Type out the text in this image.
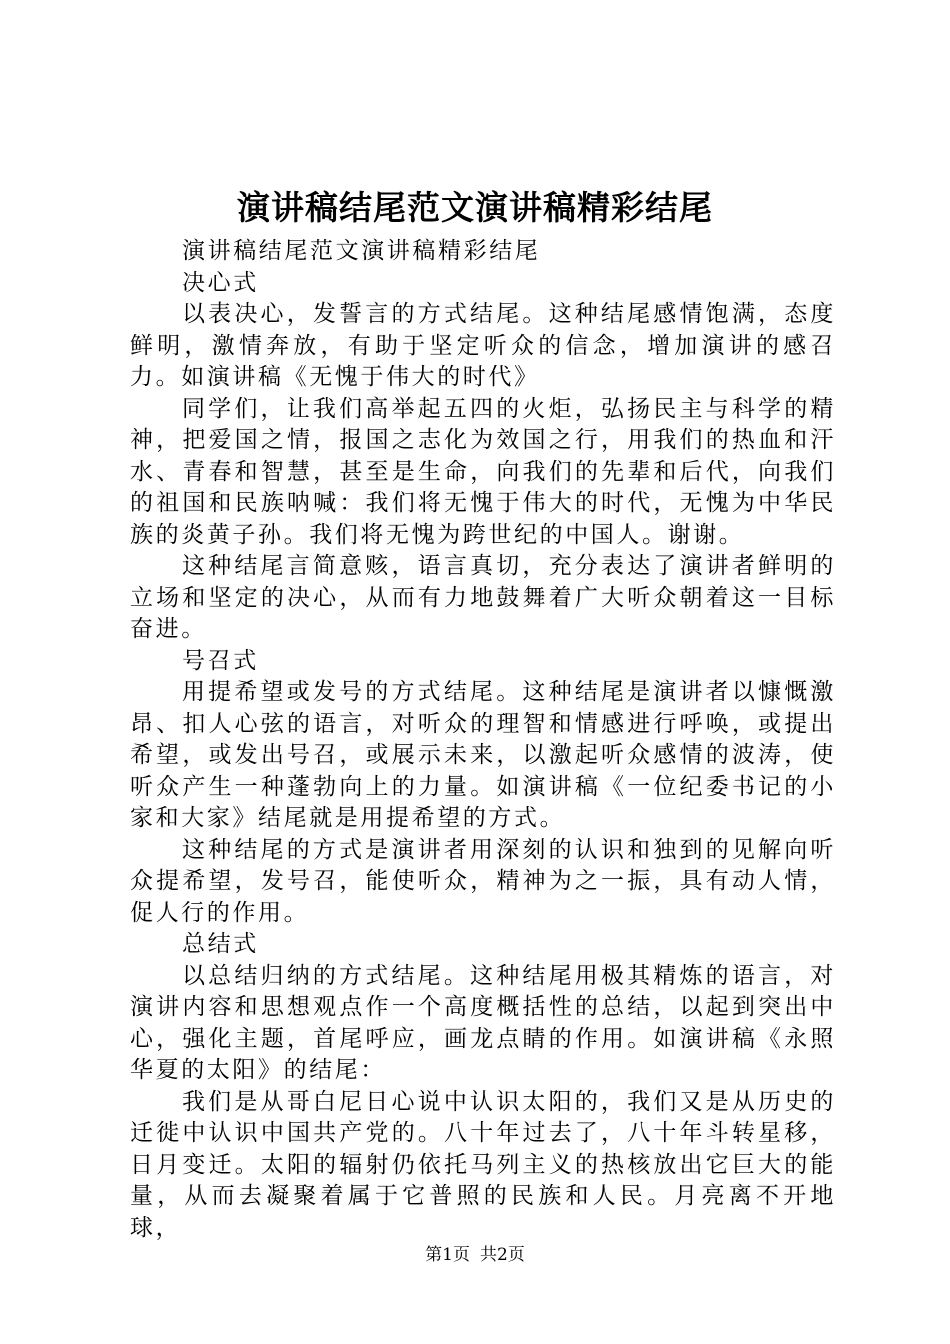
演讲稿结尾范文演讲稿精彩结尾

演讲稿结尾范文演讲稿精彩结尾

决心式

以表决心，发誓言的方式结尾。这种结尾感情饱满，态度鲜明，激情奔放，有助于坚定听众的信念，增加演讲的感召力。如演讲稿《无愧于伟大的时代》

同学们，让我们高举起五四的火炬，弘扬民主与科学的精神，把爱国之情，报国之志化为效国之行，用我们的热血和汗水、青春和智慧，甚至是生命，向我们的先辈和后代，向我们的祖国和民族呐喊：我们将无愧于伟大的时代，无愧为中华民族的炎黄子孙。我们将无愧为跨世纪的中国人。谢谢。

这种结尾言简意赅，语言真切，充分表达了演讲者鲜明的立场和坚定的决心，从而有力地鼓舞着广大听众朝着这一目标奋进。

号召式

用提希望或发号的方式结尾。这种结尾是演讲者以慷慨激昂、扣人心弦的语言，对听众的理智和情感进行呼唤，或提出希望，或发出号召，或展示未来，以激起听众感情的波涛，使听众产生一种蓬勃向上的力量。如演讲稿《一位纪委书记的小家和大家》结尾就是用提希望的方式。

这种结尾的方式是演讲者用深刻的认识和独到的见解向听众提希望，发号召，能使听众，精神为之一振，具有动人情，促人行的作用。

总结式

以总结归纳的方式结尾。这种结尾用极其精炼的语言，对演讲内容和思想观点作一个高度概括性的总结，以起到突出中心，强化主题，首尾呼应，画龙点睛的作用。如演讲稿《永照华夏的太阳》的结尾：

我们是从哥白尼日心说中认识太阳的，我们又是从历史的迁徙中认识中国共产党的。八十年过去了，八十年斗转星移，日月变迁。太阳的辐射仍依托马列主义的热核放出它巨大的能量，从而去凝聚着属于它普照的民族和人民。月亮离不开地球，

第1页 共2页
